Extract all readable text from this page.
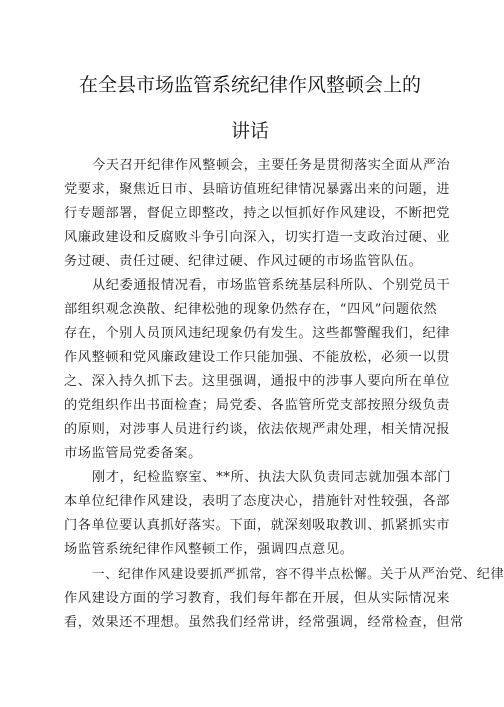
在全县市场监管系统纪律作风整顿会上的
讲话

今天召开纪律作风整顿会，主要任务是贯彻落实全面从严治
党要求，聚焦近日市、县暗访值班纪律情况暴露出来的问题，进
行专题部署，督促立即整改，持之以恒抓好作风建设，不断把党
风廉政建设和反腐败斗争引向深入，切实打造一支政治过硬、业
务过硬、责任过硬、纪律过硬、作风过硬的市场监管队伍。

从纪委通报情况看，市场监管系统基层科所队、个别党员干
部组织观念涣散、纪律松弛的现象仍然存在，“四风”问题依然
存在，个别人员顶风违纪现象仍有发生。这些都警醒我们，纪律
作风整顿和党风廉政建设工作只能加强、不能放松，必须一以贯
之、深入持久抓下去。这里强调，通报中的涉事人要向所在单位
的党组织作出书面检查；局党委、各监管所党支部按照分级负责
的原则，对涉事人员进行约谈，依法依规严肃处理，相关情况报
市场监管局党委备案。

刚才，纪检监察室、**所、执法大队负责同志就加强本部门
本单位纪律作风建设，表明了态度决心，措施针对性较强，各部
门各单位要认真抓好落实。下面，就深刻吸取教训、抓紧抓实市
场监管系统纪律作风整顿工作，强调四点意见。

一、纪律作风建设要抓严抓常，容不得半点松懈。关于从严治党、纪律
作风建设方面的学习教育，我们每年都在开展，但从实际情况来
看，效果还不理想。虽然我们经常讲，经常强调，经常检查，但常
